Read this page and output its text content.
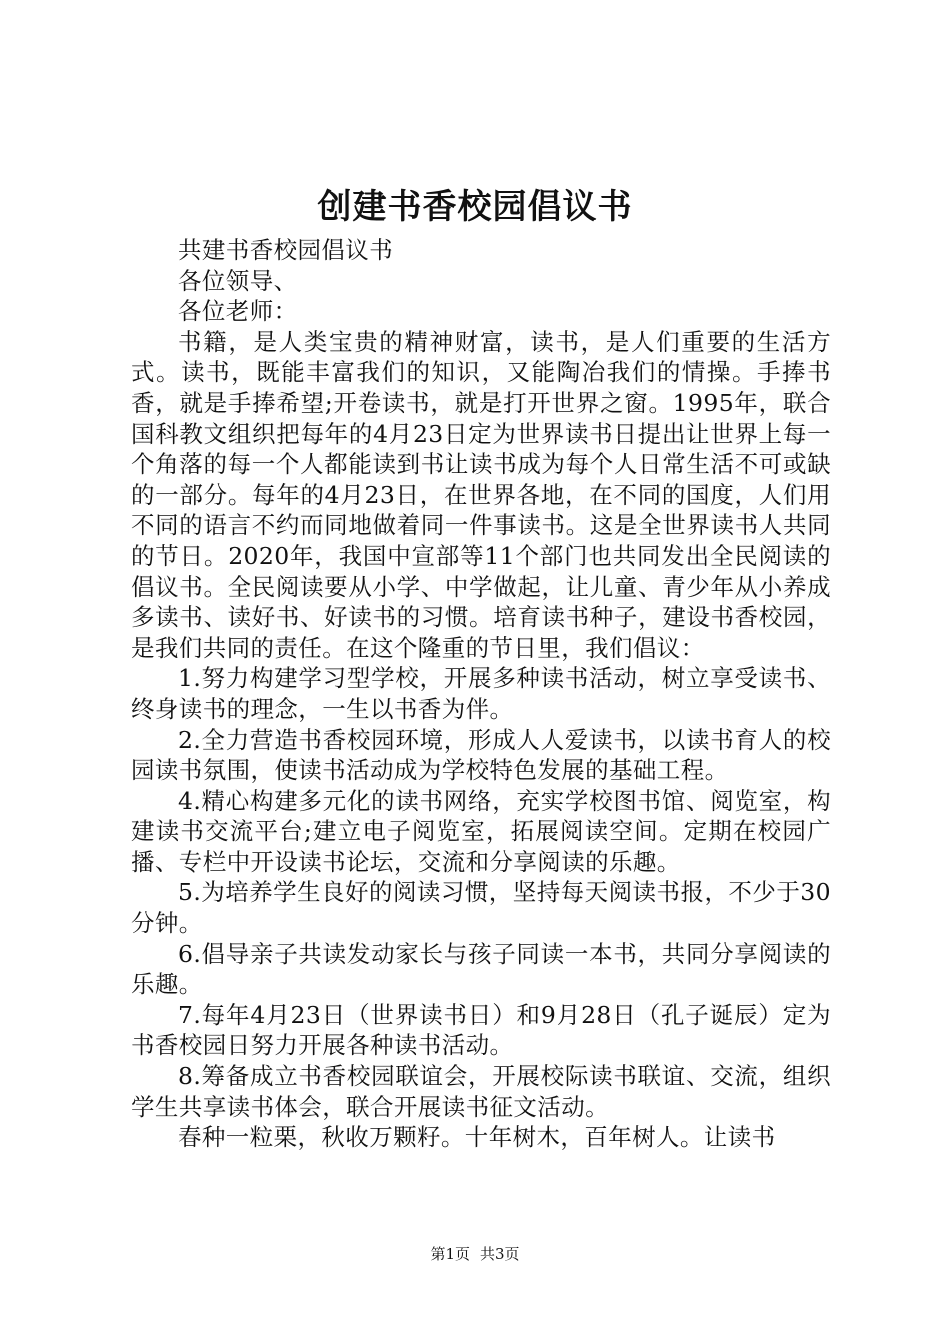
创建书香校园倡议书

共建书香校园倡议书

各位领导、

各位老师：

书籍，是人类宝贵的精神财富，读书，是人们重要的生活方式。读书，既能丰富我们的知识，又能陶冶我们的情操。手捧书香，就是手捧希望;开卷读书，就是打开世界之窗。1995年，联合国科教文组织把每年的4月23日定为世界读书日提出让世界上每一个角落的每一个人都能读到书让读书成为每个人日常生活不可或缺的一部分。每年的4月23日，在世界各地，在不同的国度，人们用不同的语言不约而同地做着同一件事读书。这是全世界读书人共同的节日。2020年，我国中宣部等11个部门也共同发出全民阅读的倡议书。全民阅读要从小学、中学做起，让儿童、青少年从小养成多读书、读好书、好读书的习惯。培育读书种子，建设书香校园，是我们共同的责任。在这个隆重的节日里，我们倡议：

1.努力构建学习型学校，开展多种读书活动，树立享受读书、终身读书的理念，一生以书香为伴。

2.全力营造书香校园环境，形成人人爱读书，以读书育人的校园读书氛围，使读书活动成为学校特色发展的基础工程。

4.精心构建多元化的读书网络，充实学校图书馆、阅览室，构建读书交流平台;建立电子阅览室，拓展阅读空间。定期在校园广播、专栏中开设读书论坛，交流和分享阅读的乐趣。

5.为培养学生良好的阅读习惯，坚持每天阅读书报，不少于30分钟。

6.倡导亲子共读发动家长与孩子同读一本书，共同分享阅读的乐趣。

7.每年4月23日（世界读书日）和9月28日（孔子诞辰）定为书香校园日努力开展各种读书活动。

8.筹备成立书香校园联谊会，开展校际读书联谊、交流，组织学生共享读书体会，联合开展读书征文活动。

春种一粒栗，秋收万颗籽。十年树木，百年树人。让读书

第1页 共3页
